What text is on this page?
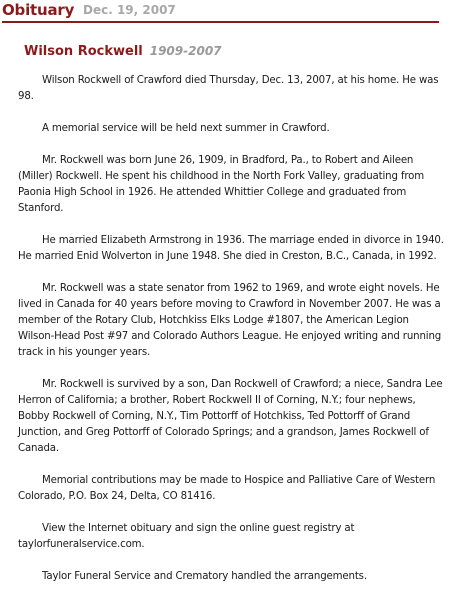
Obituary Dec. 19, 2007
Wilson Rockwell 1909-2007

Wilson Rockwell of Crawford died Thursday, Dec. 13, 2007, at his home. He was 98.

A memorial service will be held next summer in Crawford.

Mr. Rockwell was born June 26, 1909, in Bradford, Pa., to Robert and Aileen (Miller) Rockwell. He spent his childhood in the North Fork Valley, graduating from Paonia High School in 1926. He attended Whittier College and graduated from Stanford.

He married Elizabeth Armstrong in 1936. The marriage ended in divorce in 1940. He married Enid Wolverton in June 1948. She died in Creston, B.C., Canada, in 1992.

Mr. Rockwell was a state senator from 1962 to 1969, and wrote eight novels. He lived in Canada for 40 years before moving to Crawford in November 2007. He was a member of the Rotary Club, Hotchkiss Elks Lodge #1807, the American Legion Wilson-Head Post #97 and Colorado Authors League. He enjoyed writing and running track in his younger years.

Mr. Rockwell is survived by a son, Dan Rockwell of Crawford; a niece, Sandra Lee Herron of California; a brother, Robert Rockwell II of Corning, N.Y.; four nephews, Bobby Rockwell of Corning, N.Y., Tim Pottorff of Hotchkiss, Ted Pottorff of Grand Junction, and Greg Pottorff of Colorado Springs; and a grandson, James Rockwell of Canada.

Memorial contributions may be made to Hospice and Palliative Care of Western Colorado, P.O. Box 24, Delta, CO 81416.

View the Internet obituary and sign the online guest registry at taylorfuneralservice.com.

Taylor Funeral Service and Crematory handled the arrangements.
